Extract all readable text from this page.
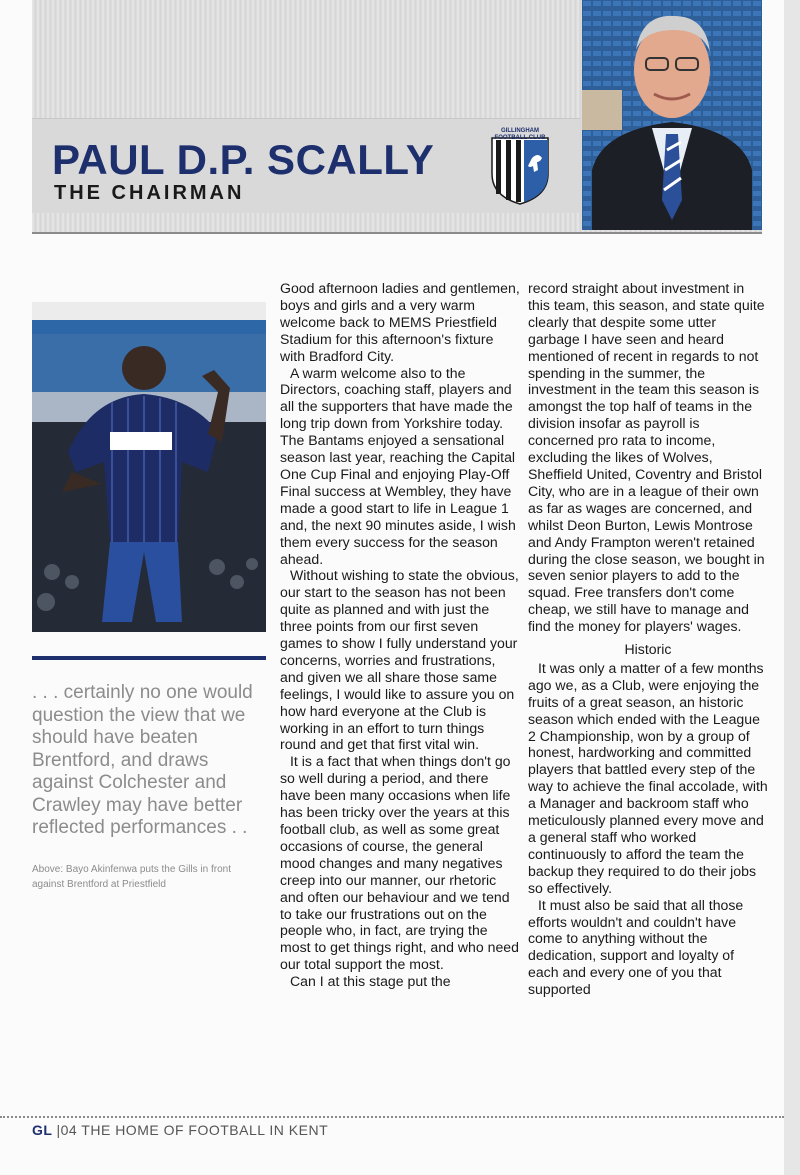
PAUL D.P. SCALLY
THE CHAIRMAN
GILLINGHAM FOOTBALL CLUB

. . . certainly no one would question the view that we should have beaten Brentford, and draws against Colchester and Crawley may have better reflected performances . .

Above: Bayo Akinfenwa puts the Gills in front against Brentford at Priestfield

Good afternoon ladies and gentlemen, boys and girls and a very warm welcome back to MEMS Priestfield Stadium for this afternoon's fixture with Bradford City.

A warm welcome also to the Directors, coaching staff, players and all the supporters that have made the long trip down from Yorkshire today. The Bantams enjoyed a sensational season last year, reaching the Capital One Cup Final and enjoying Play-Off Final success at Wembley, they have made a good start to life in League 1 and, the next 90 minutes aside, I wish them every success for the season ahead.

Without wishing to state the obvious, our start to the season has not been quite as planned and with just the three points from our first seven games to show I fully understand your concerns, worries and frustrations, and given we all share those same feelings, I would like to assure you on how hard everyone at the Club is working in an effort to turn things round and get that first vital win.

It is a fact that when things don't go so well during a period, and there have been many occasions when life has been tricky over the years at this football club, as well as some great occasions of course, the general mood changes and many negatives creep into our manner, our rhetoric and often our behaviour and we tend to take our frustrations out on the people who, in fact, are trying the most to get things right, and who need our total support the most.

Can I at this stage put the

record straight about investment in this team, this season, and state quite clearly that despite some utter garbage I have seen and heard mentioned of recent in regards to not spending in the summer, the investment in the team this season is amongst the top half of teams in the division insofar as payroll is concerned pro rata to income, excluding the likes of Wolves, Sheffield United, Coventry and Bristol City, who are in a league of their own as far as wages are concerned, and whilst Deon Burton, Lewis Montrose and Andy Frampton weren't retained during the close season, we bought in seven senior players to add to the squad. Free transfers don't come cheap, we still have to manage and find the money for players' wages.

Historic

It was only a matter of a few months ago we, as a Club, were enjoying the fruits of a great season, an historic season which ended with the League 2 Championship, won by a group of honest, hardworking and committed players that battled every step of the way to achieve the final accolade, with a Manager and backroom staff who meticulously planned every move and a general staff who worked continuously to afford the team the backup they required to do their jobs so effectively.

It must also be said that all those efforts wouldn't and couldn't have come to anything without the dedication, support and loyalty of each and every one of you that supported

GL |04 THE HOME OF FOOTBALL IN KENT
